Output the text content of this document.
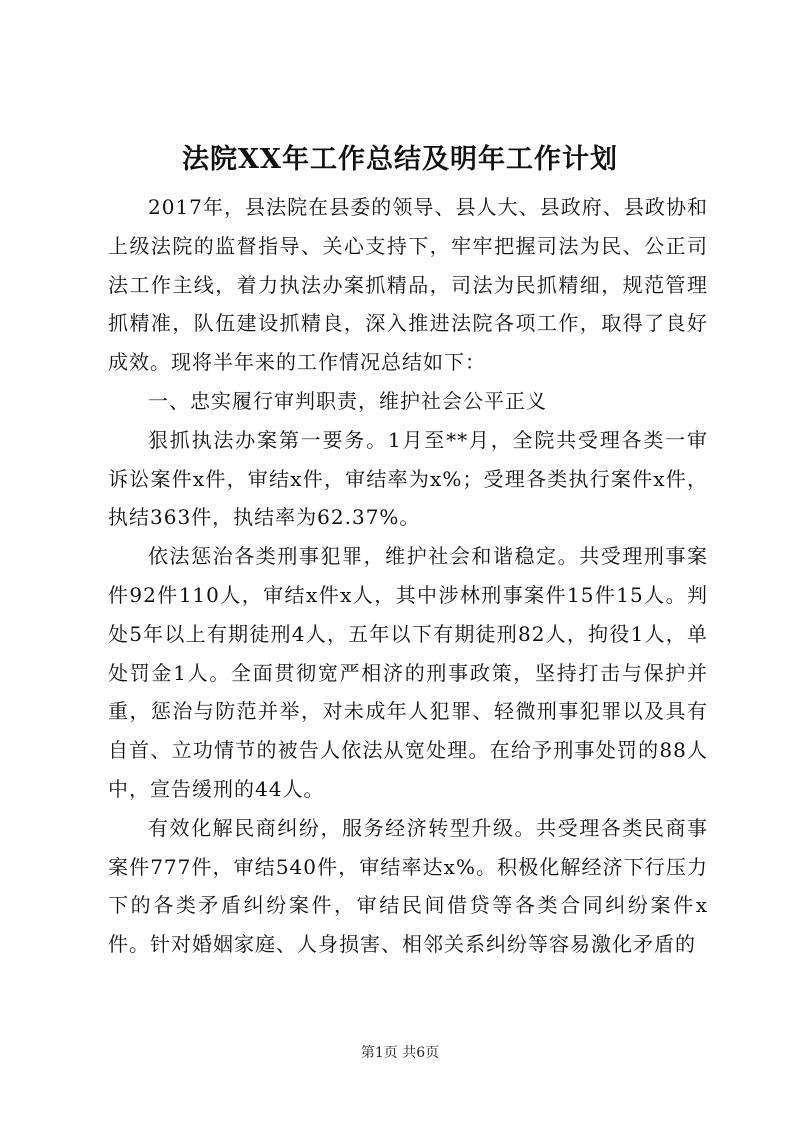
法院XX年工作总结及明年工作计划

2017年，县法院在县委的领导、县人大、县政府、县政协和上级法院的监督指导、关心支持下，牢牢把握司法为民、公正司法工作主线，着力执法办案抓精品，司法为民抓精细，规范管理抓精准，队伍建设抓精良，深入推进法院各项工作，取得了良好成效。现将半年来的工作情况总结如下：

一、忠实履行审判职责，维护社会公平正义

狠抓执法办案第一要务。1月至**月，全院共受理各类一审诉讼案件x件，审结x件，审结率为x%；受理各类执行案件x件，执结363件，执结率为62.37%。

依法惩治各类刑事犯罪，维护社会和谐稳定。共受理刑事案件92件110人，审结x件x人，其中涉林刑事案件15件15人。判处5年以上有期徒刑4人，五年以下有期徒刑82人，拘役1人，单处罚金1人。全面贯彻宽严相济的刑事政策，坚持打击与保护并重，惩治与防范并举，对未成年人犯罪、轻微刑事犯罪以及具有自首、立功情节的被告人依法从宽处理。在给予刑事处罚的88人中，宣告缓刑的44人。

有效化解民商纠纷，服务经济转型升级。共受理各类民商事案件777件，审结540件，审结率达x%。积极化解经济下行压力下的各类矛盾纠纷案件，审结民间借贷等各类合同纠纷案件x件。针对婚姻家庭、人身损害、相邻关系纠纷等容易激化矛盾的

第1页 共6页
